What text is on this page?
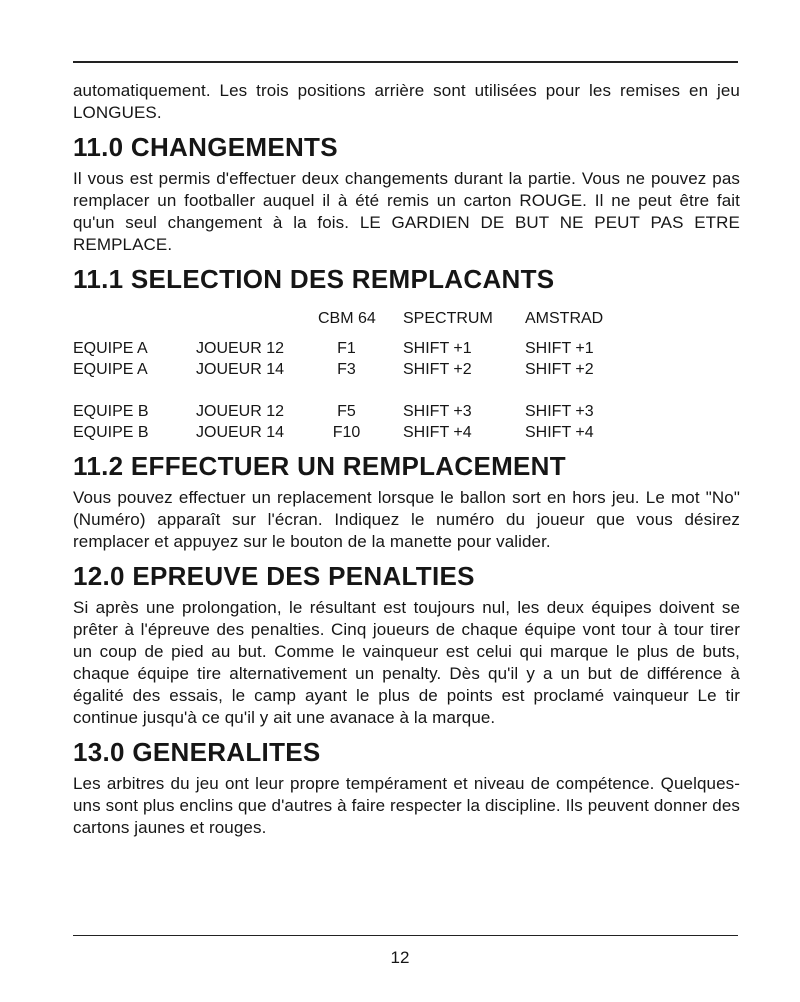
automatiquement. Les trois positions arrière sont utilisées pour les remises en jeu LONGUES.

11.0 CHANGEMENTS

Il vous est permis d'effectuer deux changements durant la partie. Vous ne pouvez pas remplacer un footballer auquel il à été remis un carton ROUGE. Il ne peut être fait qu'un seul changement à la fois. LE GARDIEN DE BUT NE PEUT PAS ETRE REMPLACE.

11.1 SELECTION DES REMPLACANTS
		CBM 64	SPECTRUM	AMSTRAD
EQUIPE A	JOUEUR 12	F1	SHIFT +1	SHIFT +1
EQUIPE A	JOUEUR 14	F3	SHIFT +2	SHIFT +2

EQUIPE B	JOUEUR 12	F5	SHIFT +3	SHIFT +3
EQUIPE B	JOUEUR 14	F10	SHIFT +4	SHIFT +4
11.2 EFFECTUER UN REMPLACEMENT

Vous pouvez effectuer un replacement lorsque le ballon sort en hors jeu. Le mot "No" (Numéro) apparaît sur l'écran. Indiquez le numéro du joueur que vous désirez remplacer et appuyez sur le bouton de la manette pour valider.

12.0 EPREUVE DES PENALTIES

Si après une prolongation, le résultant est toujours nul, les deux équipes doivent se prêter à l'épreuve des penalties. Cinq joueurs de chaque équipe vont tour à tour tirer un coup de pied au but. Comme le vainqueur est celui qui marque le plus de buts, chaque équipe tire alternativement un penalty. Dès qu'il y a un but de différence à égalité des essais, le camp ayant le plus de points est proclamé vainqueur Le tir continue jusqu'à ce qu'il y ait une avanace à la marque.

13.0 GENERALITES

Les arbitres du jeu ont leur propre tempérament et niveau de compétence. Quelques-uns sont plus enclins que d'autres à faire respecter la discipline. Ils peuvent donner des cartons jaunes et rouges.

12
